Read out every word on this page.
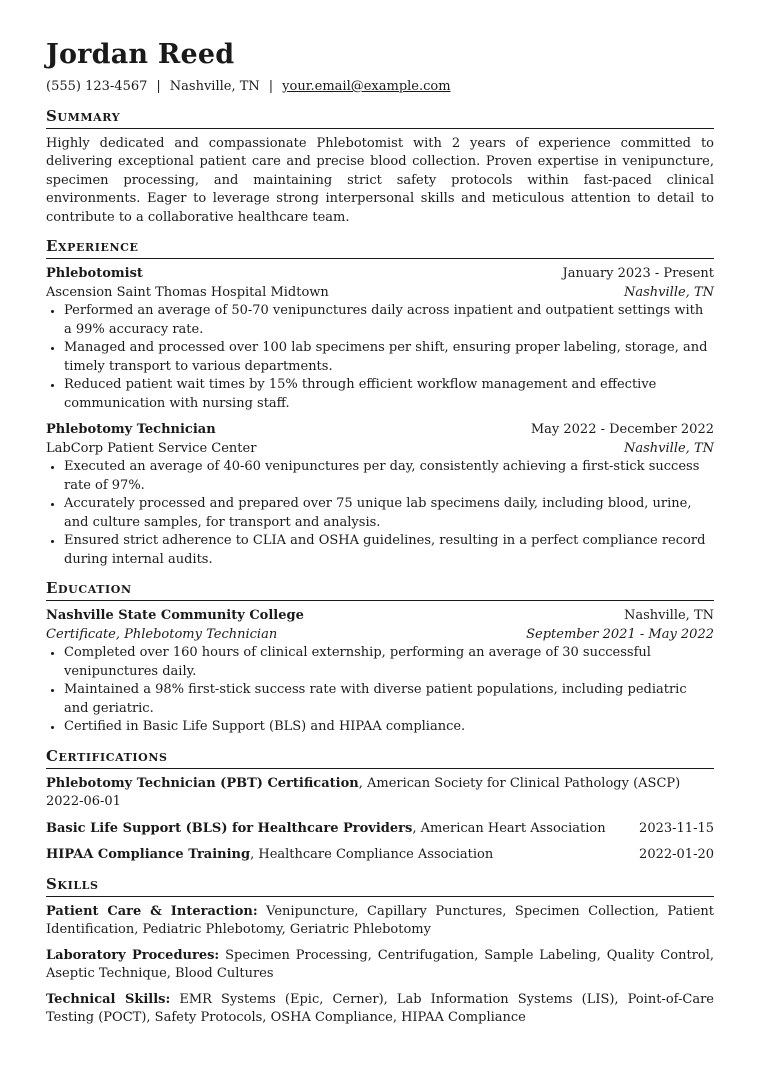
Jordan Reed
(555) 123-4567 | Nashville, TN | your.email@example.com
Summary
Highly dedicated and compassionate Phlebotomist with 2 years of experience committed to delivering exceptional patient care and precise blood collection. Proven expertise in venipuncture, specimen processing, and maintaining strict safety protocols within fast-paced clinical environments. Eager to leverage strong interpersonal skills and meticulous attention to detail to contribute to a collaborative healthcare team.
Experience
Phlebotomist	January 2023 - Present
Ascension Saint Thomas Hospital Midtown	Nashville, TN
• Performed an average of 50-70 venipunctures daily across inpatient and outpatient settings with a 99% accuracy rate.
• Managed and processed over 100 lab specimens per shift, ensuring proper labeling, storage, and timely transport to various departments.
• Reduced patient wait times by 15% through efficient workflow management and effective communication with nursing staff.
Phlebotomy Technician	May 2022 - December 2022
LabCorp Patient Service Center	Nashville, TN
• Executed an average of 40-60 venipunctures per day, consistently achieving a first-stick success rate of 97%.
• Accurately processed and prepared over 75 unique lab specimens daily, including blood, urine, and culture samples, for transport and analysis.
• Ensured strict adherence to CLIA and OSHA guidelines, resulting in a perfect compliance record during internal audits.
Education
Nashville State Community College	Nashville, TN
Certificate, Phlebotomy Technician	September 2021 - May 2022
• Completed over 160 hours of clinical externship, performing an average of 30 successful venipunctures daily.
• Maintained a 98% first-stick success rate with diverse patient populations, including pediatric and geriatric.
• Certified in Basic Life Support (BLS) and HIPAA compliance.
Certifications
Phlebotomy Technician (PBT) Certification, American Society for Clinical Pathology (ASCP)
2022-06-01
Basic Life Support (BLS) for Healthcare Providers, American Heart Association	2023-11-15
HIPAA Compliance Training, Healthcare Compliance Association	2022-01-20
Skills
Patient Care & Interaction: Venipuncture, Capillary Punctures, Specimen Collection, Patient Identification, Pediatric Phlebotomy, Geriatric Phlebotomy
Laboratory Procedures: Specimen Processing, Centrifugation, Sample Labeling, Quality Control, Aseptic Technique, Blood Cultures
Technical Skills: EMR Systems (Epic, Cerner), Lab Information Systems (LIS), Point-of-Care Testing (POCT), Safety Protocols, OSHA Compliance, HIPAA Compliance
